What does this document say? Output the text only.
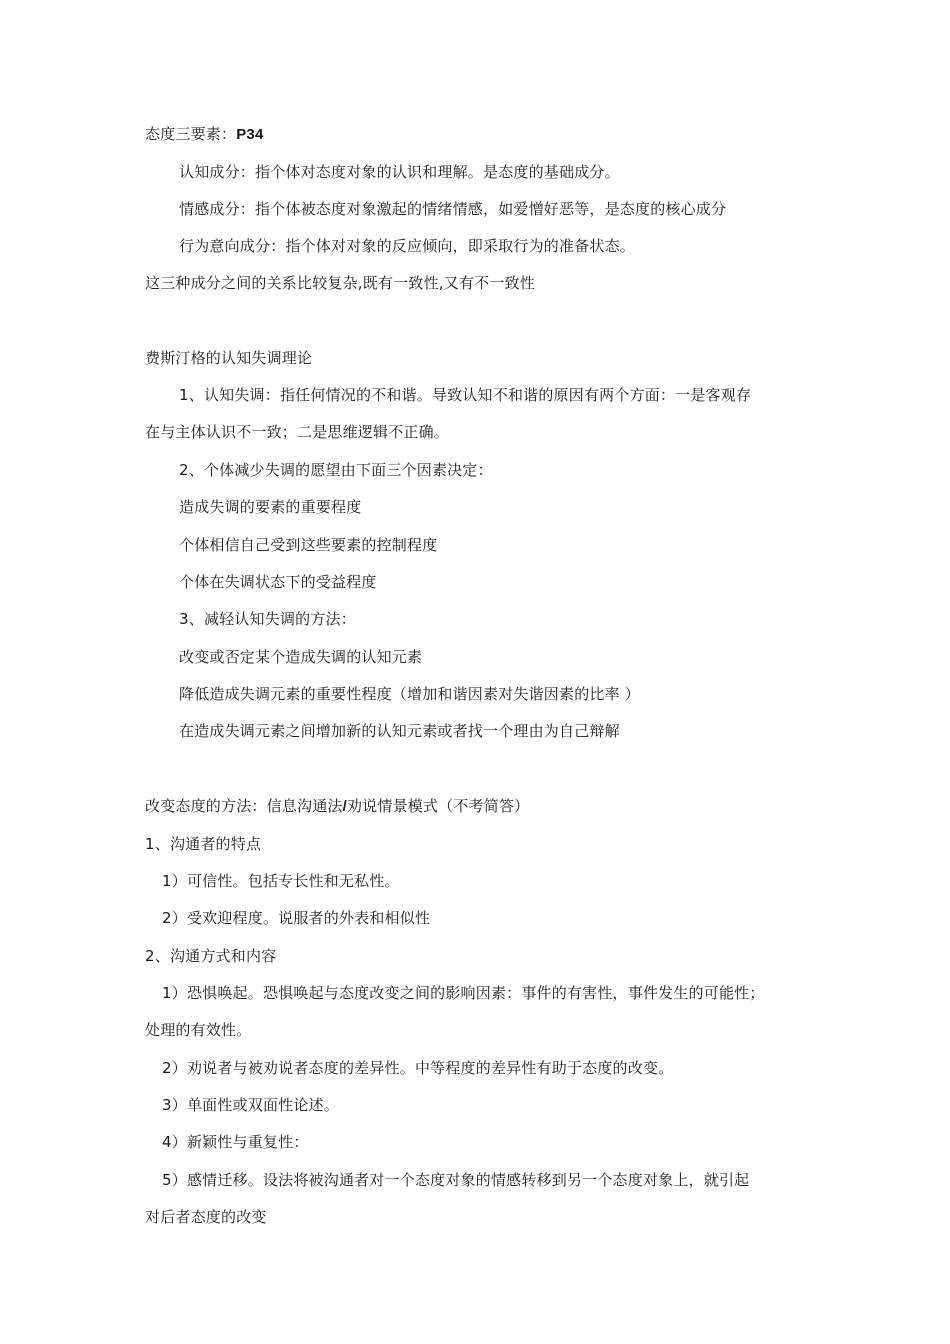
态度三要素：P34
认知成分：指个体对态度对象的认识和理解。是态度的基础成分。
情感成分：指个体被态度对象激起的情绪情感，如爱憎好恶等，是态度的核心成分
行为意向成分：指个体对对象的反应倾向，即采取行为的准备状态。
这三种成分之间的关系比较复杂,既有一致性,又有不一致性
费斯汀格的认知失调理论
1、认知失调：指任何情况的不和谐。导致认知不和谐的原因有两个方面：一是客观存
在与主体认识不一致；二是思维逻辑不正确。
2、个体减少失调的愿望由下面三个因素决定：
造成失调的要素的重要程度
个体相信自己受到这些要素的控制程度
个体在失调状态下的受益程度
3、减轻认知失调的方法：
改变或否定某个造成失调的认知元素
降低造成失调元素的重要性程度（增加和谐因素对失谐因素的比率 ）
在造成失调元素之间增加新的认知元素或者找一个理由为自己辩解
改变态度的方法：信息沟通法/劝说情景模式（不考简答）
1、沟通者的特点
1）可信性。包括专长性和无私性。
2）受欢迎程度。说服者的外表和相似性
2、沟通方式和内容
1）恐惧唤起。恐惧唤起与态度改变之间的影响因素：事件的有害性，事件发生的可能性；
处理的有效性。
2）劝说者与被劝说者态度的差异性。中等程度的差异性有助于态度的改变。
3）单面性或双面性论述。
4）新颖性与重复性：
5）感情迁移。设法将被沟通者对一个态度对象的情感转移到另一个态度对象上，就引起
对后者态度的改变
